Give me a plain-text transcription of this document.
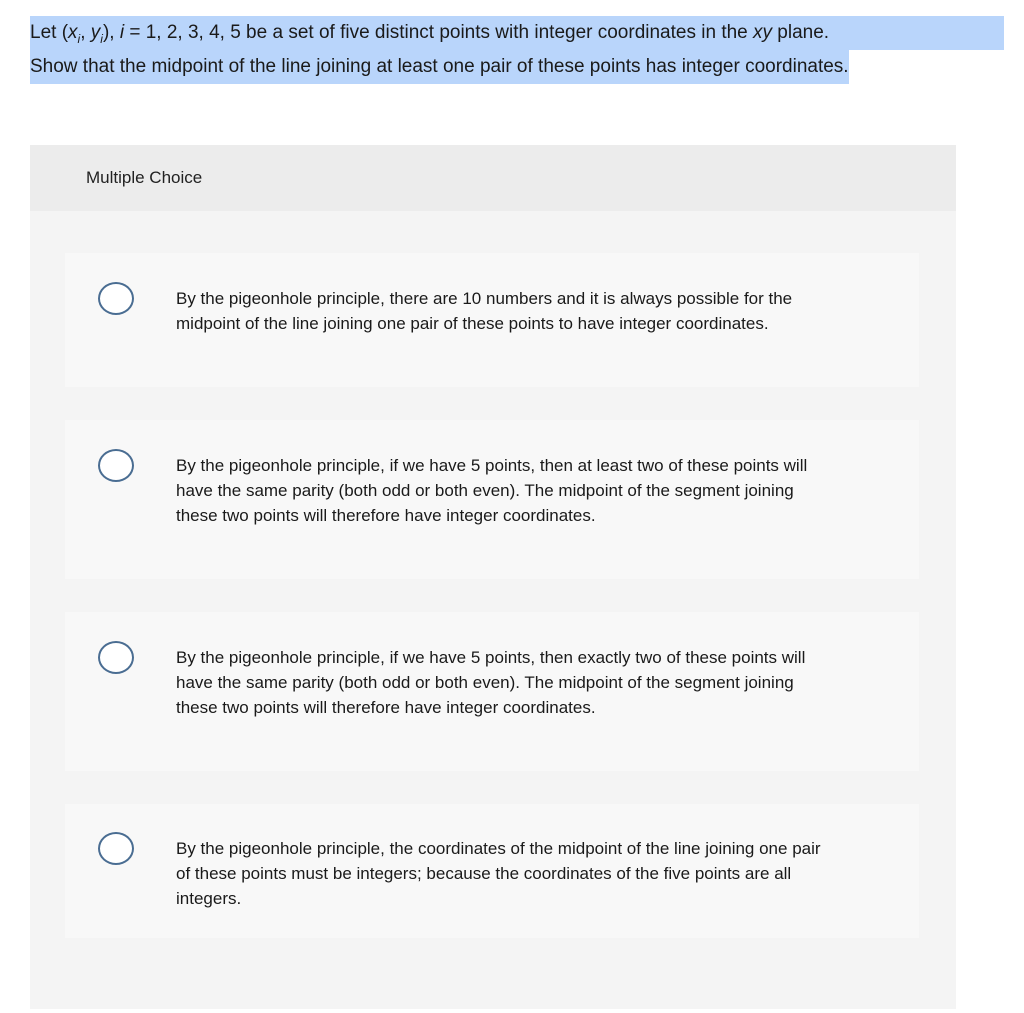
Let ($x_i$, $y_i$), i = 1, 2, 3, 4, 5 be a set of five distinct points with integer coordinates in the xy plane.
Show that the midpoint of the line joining at least one pair of these points has integer coordinates.
Multiple Choice
By the pigeonhole principle, there are 10 numbers and it is always possible for the midpoint of the line joining one pair of these points to have integer coordinates.
By the pigeonhole principle, if we have 5 points, then at least two of these points will have the same parity (both odd or both even). The midpoint of the segment joining these two points will therefore have integer coordinates.
By the pigeonhole principle, if we have 5 points, then exactly two of these points will have the same parity (both odd or both even). The midpoint of the segment joining these two points will therefore have integer coordinates.
By the pigeonhole principle, the coordinates of the midpoint of the line joining one pair of these points must be integers; because the coordinates of the five points are all integers.
